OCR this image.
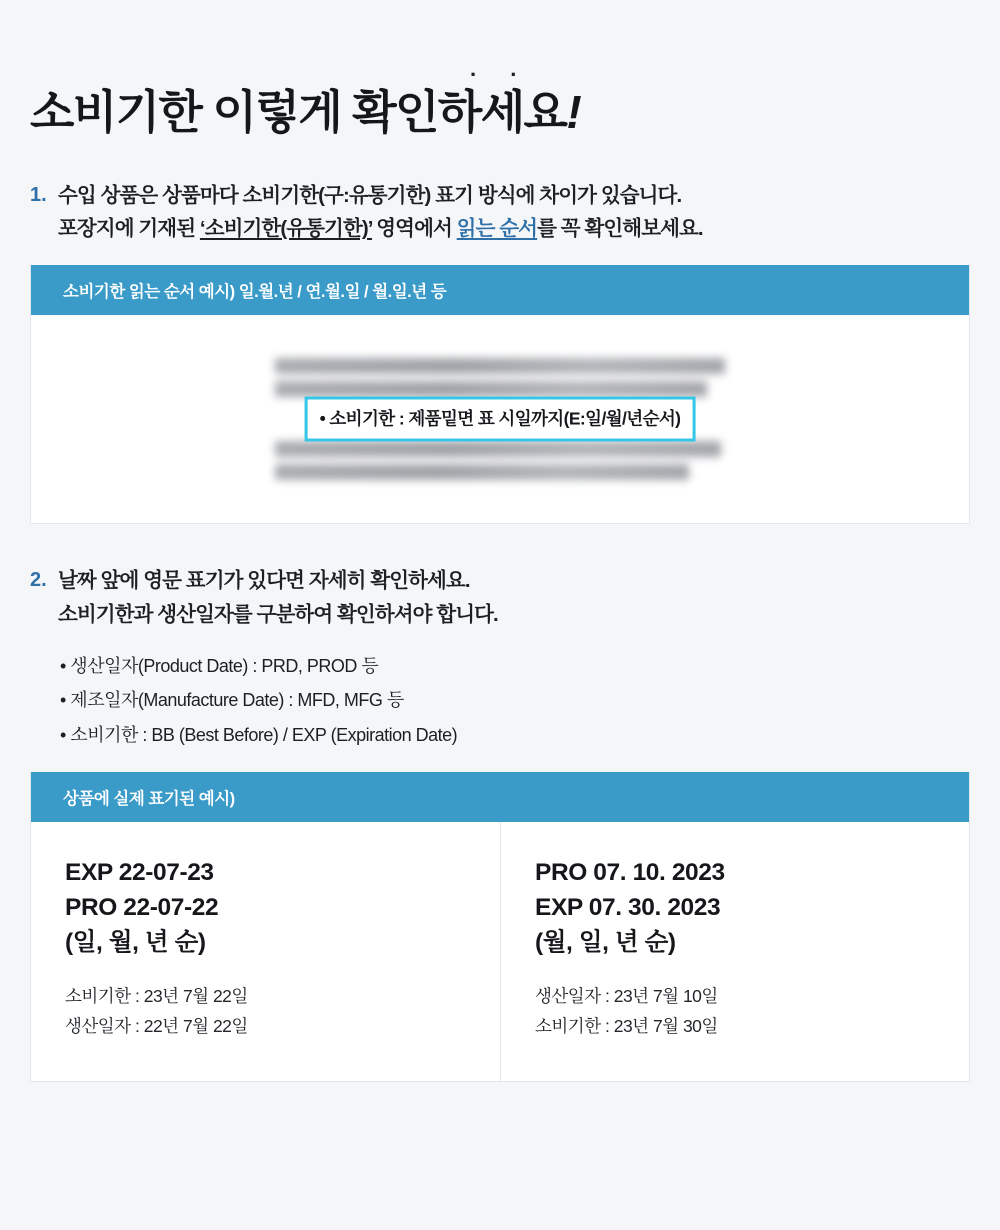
. .
소비기한 이렇게 확인하세요!
1. 수입 상품은 상품마다 소비기한(구:유통기한) 표기 방식에 차이가 있습니다.
포장지에 기재된 ‘소비기한(유통기한)’ 영역에서 읽는 순서를 꼭 확인해보세요.
소비기한 읽는 순서 예시) 일.월.년 / 연.월.일 / 월.일.년 등
• 소비기한 : 제품밑면 표 시일까지(E:일/월/년순서)
2. 날짜 앞에 영문 표기가 있다면 자세히 확인하세요.
소비기한과 생산일자를 구분하여 확인하셔야 합니다.
• 생산일자(Product Date) : PRD, PROD 등
• 제조일자(Manufacture Date) : MFD, MFG 등
• 소비기한 : BB (Best Before) / EXP (Expiration Date)
상품에 실제 표기된 예시)
EXP 22-07-23
PRO 22-07-22
(일, 월, 년 순)
소비기한 : 23년 7월 22일
생산일자 : 22년 7월 22일
PRO 07. 10. 2023
EXP 07. 30. 2023
(월, 일, 년 순)
생산일자 : 23년 7월 10일
소비기한 : 23년 7월 30일
